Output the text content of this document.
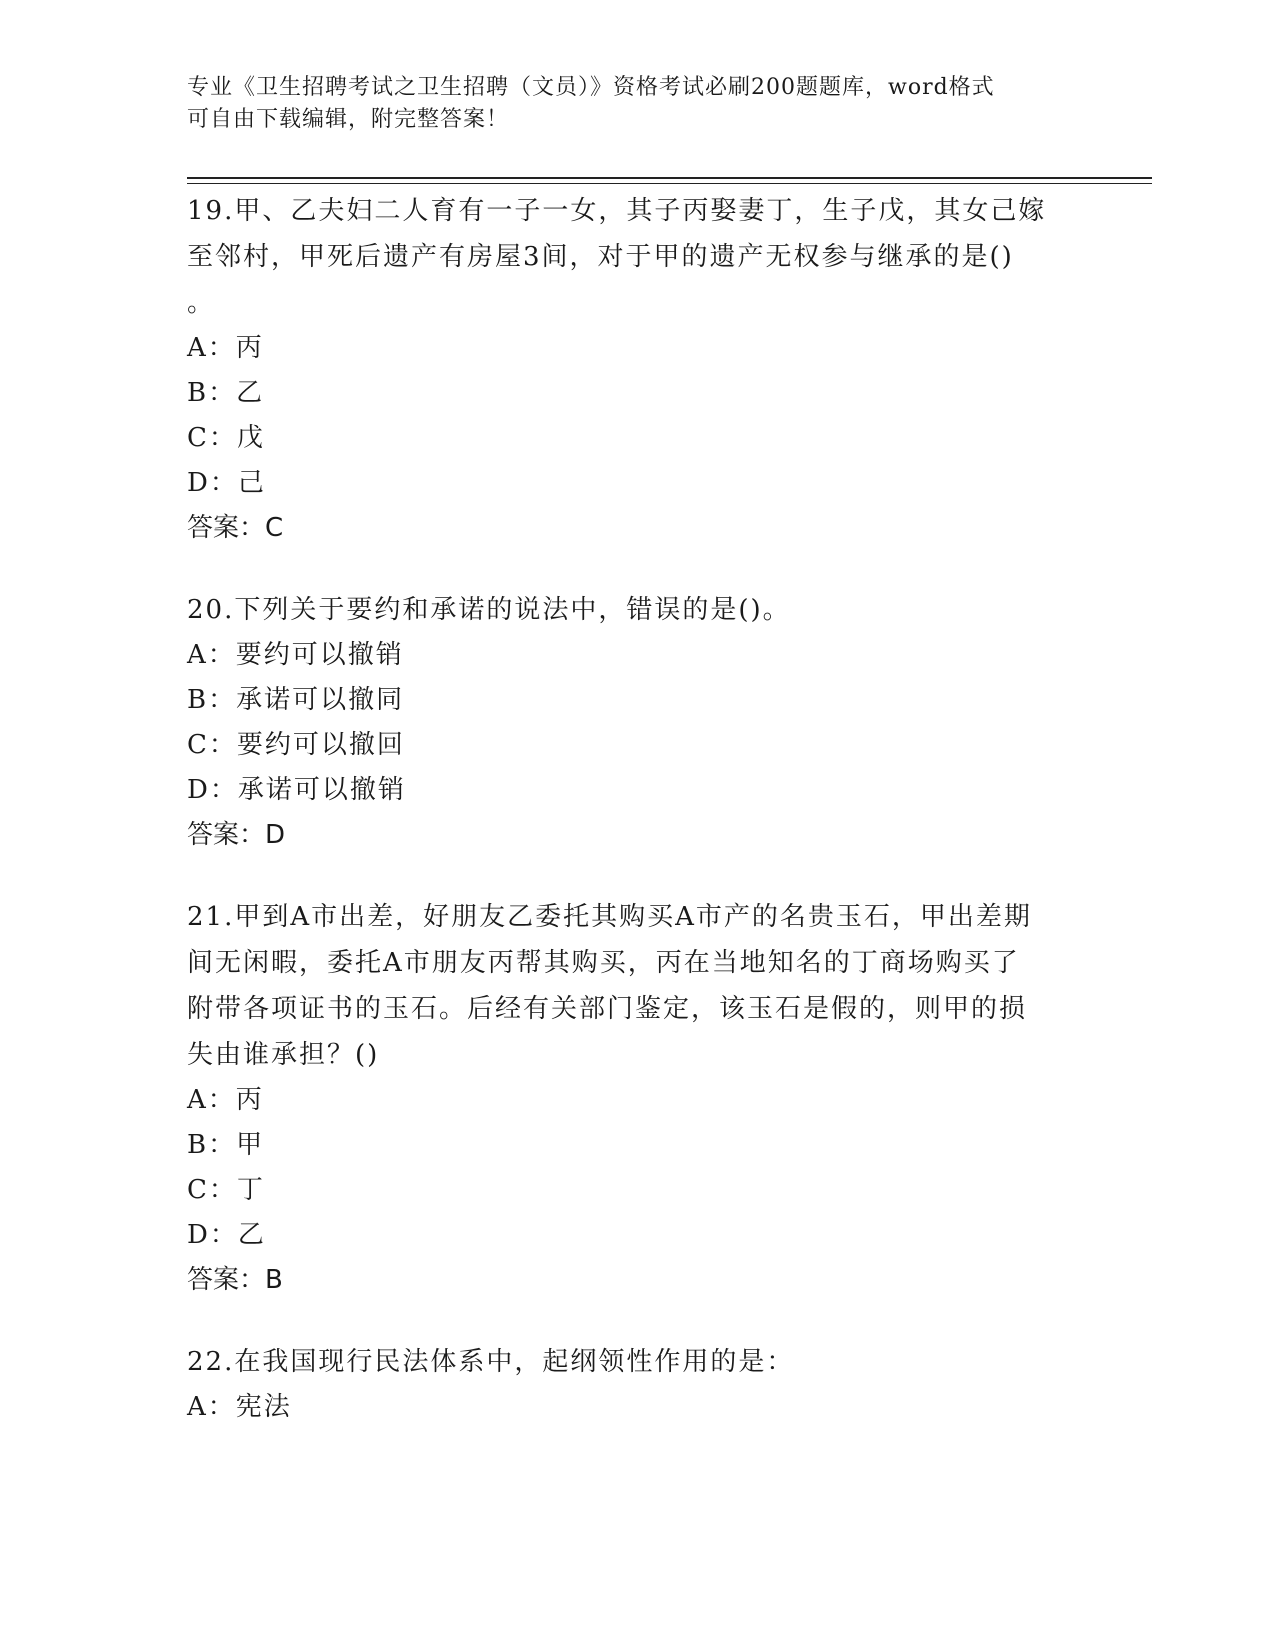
专业《卫生招聘考试之卫生招聘（文员）》资格考试必刷200题题库，word格式
可自由下载编辑，附完整答案！

19.甲、乙夫妇二人育有一子一女，其子丙娶妻丁，生子戊，其女己嫁

至邻村，甲死后遗产有房屋3间，对于甲的遗产无权参与继承的是()

。

A：丙

B：乙

C：戊

D：己

答案：C

20.下列关于要约和承诺的说法中，错误的是()。

A：要约可以撤销

B：承诺可以撤同

C：要约可以撤回

D：承诺可以撤销

答案：D

21.甲到A市出差，好朋友乙委托其购买A市产的名贵玉石，甲出差期

间无闲暇，委托A市朋友丙帮其购买，丙在当地知名的丁商场购买了

附带各项证书的玉石。后经有关部门鉴定，该玉石是假的，则甲的损

失由谁承担？()

A：丙

B：甲

C：丁

D：乙

答案：B

22.在我国现行民法体系中，起纲领性作用的是：

A：宪法
